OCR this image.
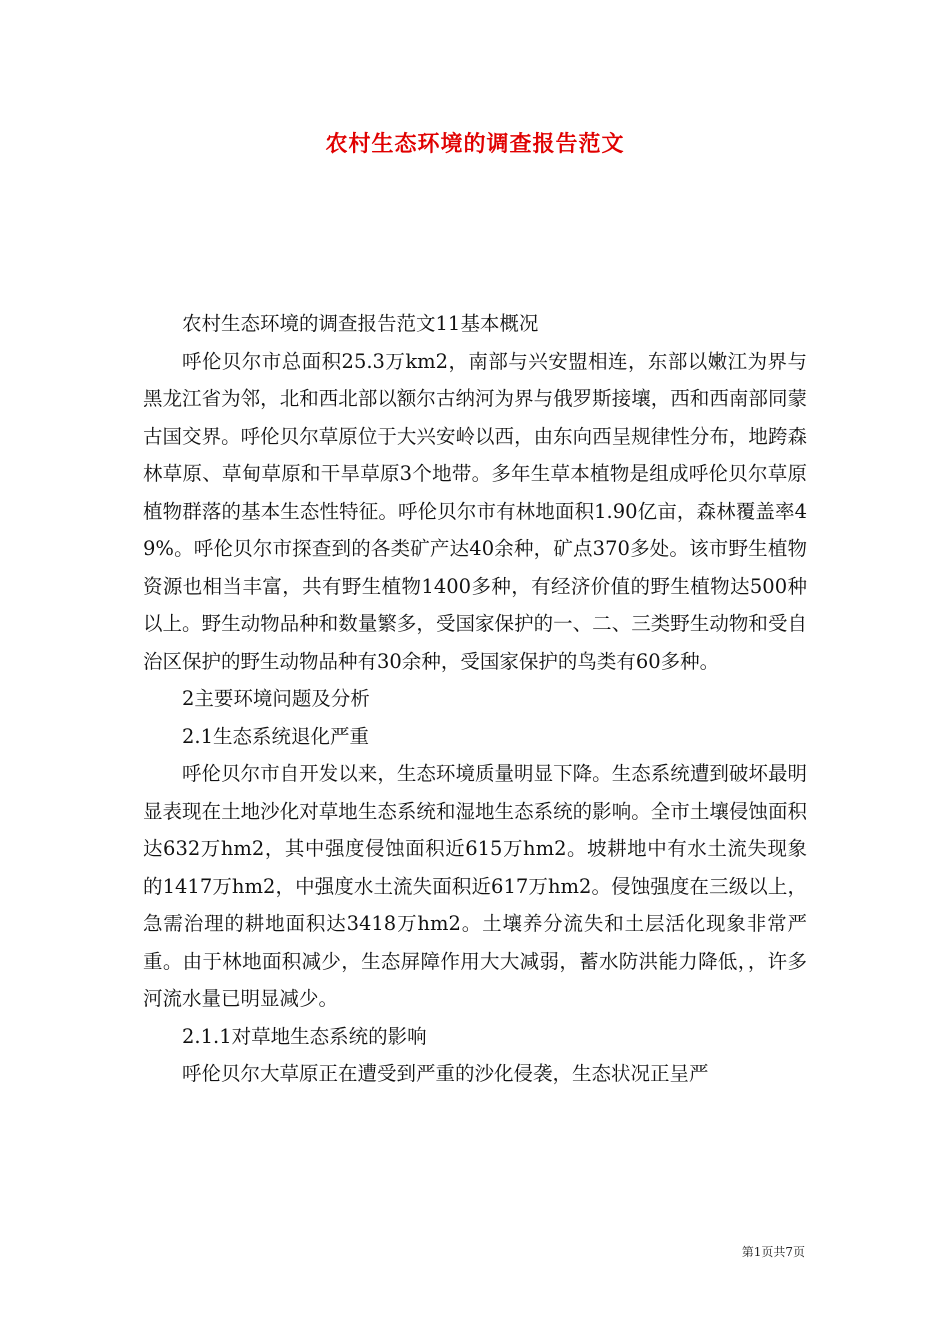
农村生态环境的调查报告范文

农村生态环境的调查报告范文11基本概况

呼伦贝尔市总面积25.3万km2，南部与兴安盟相连，东部以嫩江为界与黑龙江省为邻，北和西北部以额尔古纳河为界与俄罗斯接壤，西和西南部同蒙古国交界。呼伦贝尔草原位于大兴安岭以西，由东向西呈规律性分布，地跨森林草原、草甸草原和干旱草原3个地带。多年生草本植物是组成呼伦贝尔草原植物群落的基本生态性特征。呼伦贝尔市有林地面积1.90亿亩，森林覆盖率49%。呼伦贝尔市探查到的各类矿产达40余种，矿点370多处。该市野生植物资源也相当丰富，共有野生植物1400多种，有经济价值的野生植物达500种以上。野生动物品种和数量繁多，受国家保护的一、二、三类野生动物和受自治区保护的野生动物品种有30余种，受国家保护的鸟类有60多种。

2主要环境问题及分析

2.1生态系统退化严重

呼伦贝尔市自开发以来，生态环境质量明显下降。生态系统遭到破坏最明显表现在土地沙化对草地生态系统和湿地生态系统的影响。全市土壤侵蚀面积达632万hm2，其中强度侵蚀面积近615万hm2。坡耕地中有水土流失现象的1417万hm2，中强度水土流失面积近617万hm2。侵蚀强度在三级以上，急需治理的耕地面积达3418万hm2。土壤养分流失和土层活化现象非常严重。由于林地面积减少，生态屏障作用大大减弱，蓄水防洪能力降低，，许多河流水量已明显减少。

2.1.1对草地生态系统的影响

呼伦贝尔大草原正在遭受到严重的沙化侵袭，生态状况正呈严

第1页共7页
